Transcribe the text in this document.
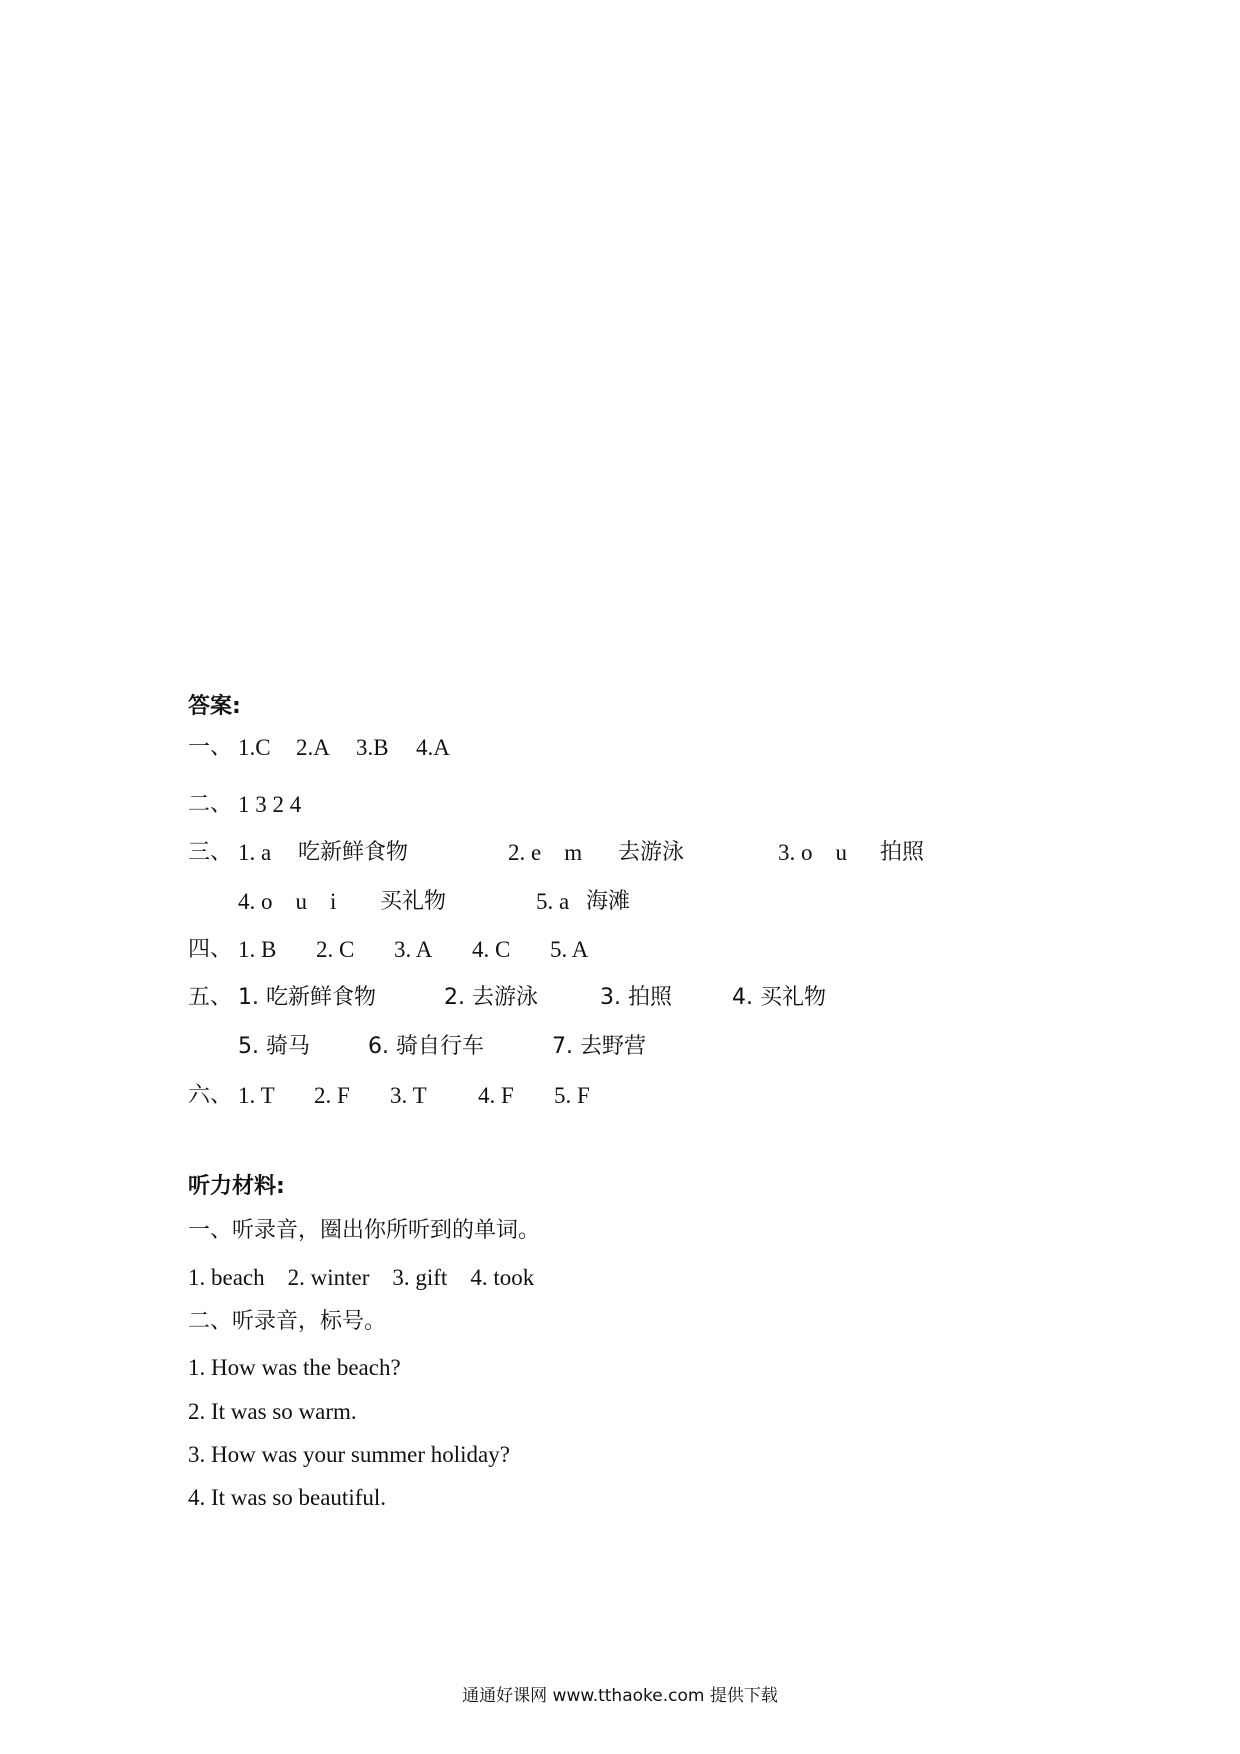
答案:
一、 1.C 2.A 3.B 4.A
二、 1 3 2 4
三、 1. a 吃新鲜食物	2. e　m 去游泳	3. o　u 拍照
4. o　u　i 买礼物	5. a 海滩
四、 1. B 2. C 3. A 4. C 5. A
五、 1. 吃新鲜食物	2. 去游泳	3. 拍照	4. 买礼物
5. 骑马	6. 骑自行车	7. 去野营
六、 1. T 2. F 3. T 4. F 5. F
听力材料:
一、听录音，圈出你所听到的单词。
1. beach　2. winter　3. gift　4. took
二、听录音，标号。
1. How was the beach?
2. It was so warm.
3. How was your summer holiday?
4. It was so beautiful.
通通好课网 www.tthaoke.com 提供下载
